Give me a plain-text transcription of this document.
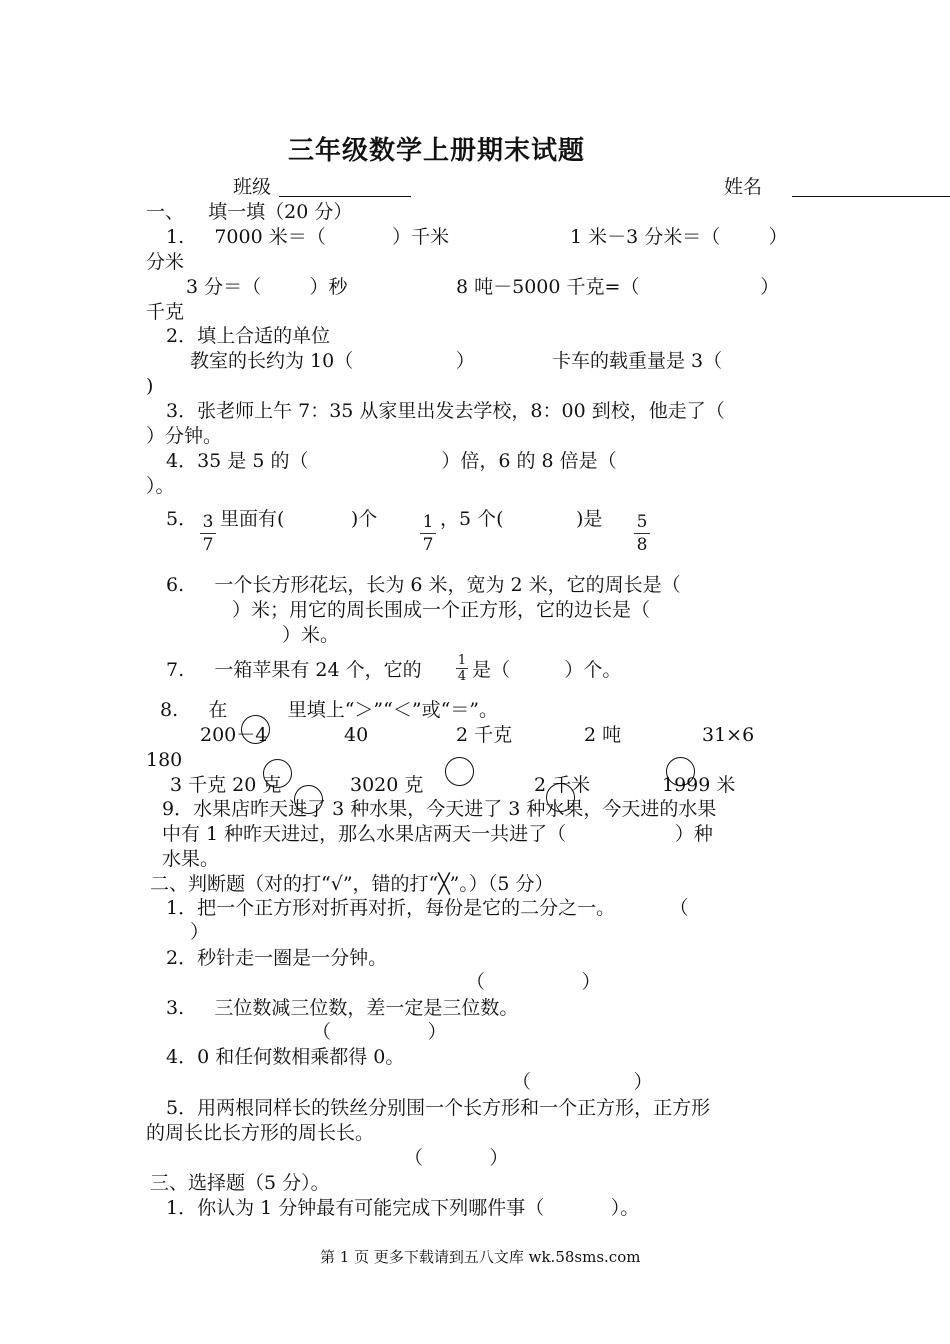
三年级数学上册期末试题
班级	姓名
一、    填一填（20 分）
1.     7000 米＝（           ）千米	1 米－3 分米＝（        ）
分米
3 分＝（        ）秒	8 吨－5000 千克=（                    ）
千克
2．填上合适的单位
教室的长约为 10（                 ）	卡车的载重量是 3（
)
3．张老师上午 7：35 从家里出发去学校，8：00 到校，他走了（
）分钟。
4．35 是 5 的（                      ）倍，6 的 8 倍是（
）。
5． 3
7
里面有(           )个	1
7
，5 个(            )是 5
8
6.     一个长方形花坛，长为 6 米，宽为 2 米，它的周长是（
）米；用它的周长围成一个正方形，它的边长是（
）米。
7.     一箱苹果有 24 个，它的	1
4 是（         ）个。
8.     在          里填上“＞”“＜”或“＝”。
200－4	40	2 千克	2 吨	31×6
180
3 千克 20 克	3020 克	2 千米	1999 米
9．水果店昨天进了 3 种水果，今天进了 3 种水果，今天进的水果
中有 1 种昨天进过，那么水果店两天一共进了（                  ）种
水果。
二、判断题（对的打“√”，错的打“╳”。）（5 分）
1．把一个正方形对折再对折，每份是它的二分之一。         （
）
2．秒针走一圈是一分钟。
（                ）
3.     三位数减三位数，差一定是三位数。
（                ）
4．0 和任何数相乘都得 0。
（                 ）
5．用两根同样长的铁丝分别围一个长方形和一个正方形，正方形
的周长比长方形的周长长。
（           ）
三、选择题（5 分）。
1．你认为 1 分钟最有可能完成下列哪件事（           ）。
第 1 页 更多下载请到五八文库 wk.58sms.com
